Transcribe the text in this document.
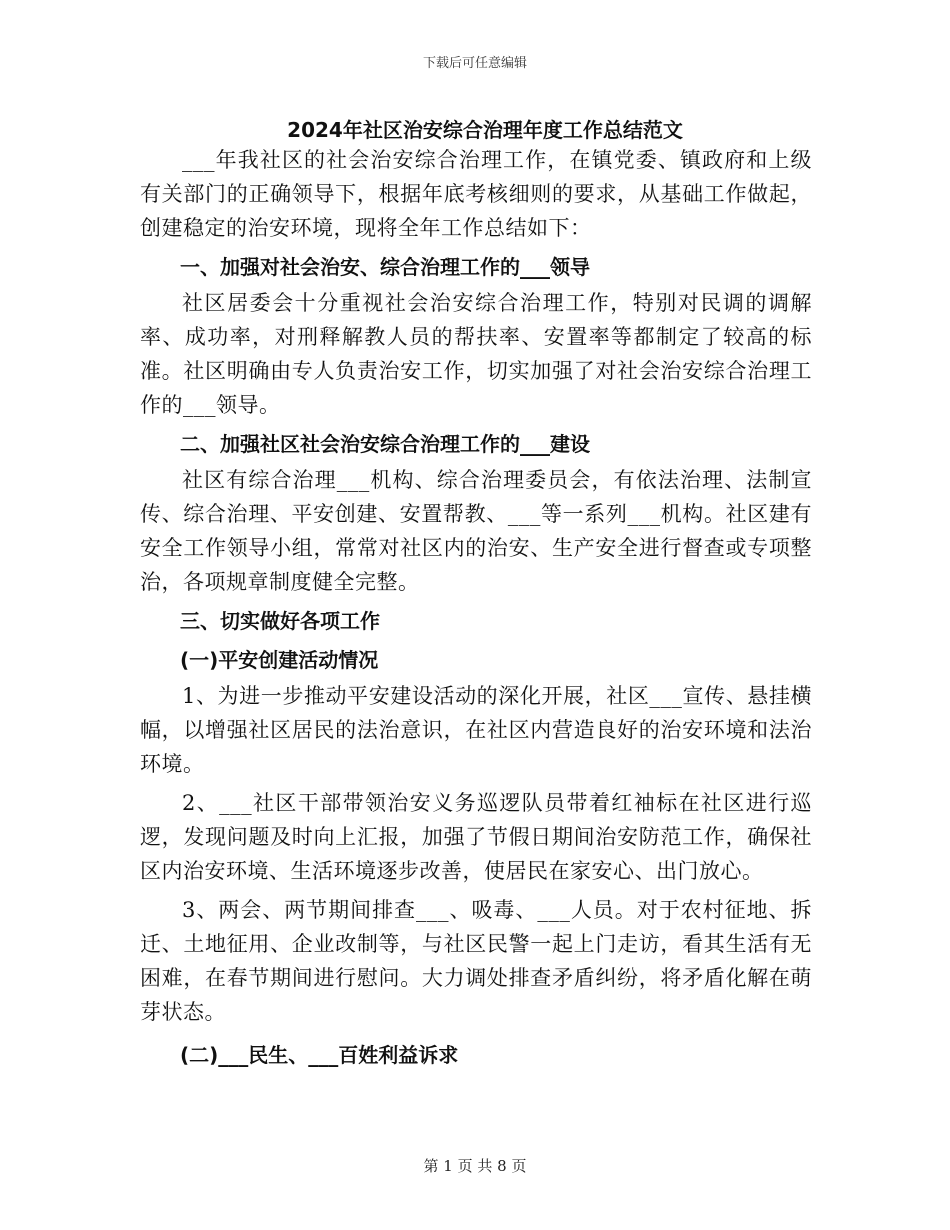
下载后可任意编辑
2024年社区治安综合治理年度工作总结范文

___年我社区的社会治安综合治理工作，在镇党委、镇政府和上级有关部门的正确领导下，根据年底考核细则的要求，从基础工作做起，创建稳定的治安环境，现将全年工作总结如下：

一、加强对社会治安、综合治理工作的___领导

社区居委会十分重视社会治安综合治理工作，特别对民调的调解率、成功率，对刑释解教人员的帮扶率、安置率等都制定了较高的标准。社区明确由专人负责治安工作，切实加强了对社会治安综合治理工作的___领导。

二、加强社区社会治安综合治理工作的___建设

社区有综合治理___机构、综合治理委员会，有依法治理、法制宣传、综合治理、平安创建、安置帮教、___等一系列___机构。社区建有安全工作领导小组，常常对社区内的治安、生产安全进行督查或专项整治，各项规章制度健全完整。

三、切实做好各项工作

(一)平安创建活动情况

1、为进一步推动平安建设活动的深化开展，社区___宣传、悬挂横幅，以增强社区居民的法治意识，在社区内营造良好的治安环境和法治环境。

2、___社区干部带领治安义务巡逻队员带着红袖标在社区进行巡逻，发现问题及时向上汇报，加强了节假日期间治安防范工作，确保社区内治安环境、生活环境逐步改善，使居民在家安心、出门放心。

3、两会、两节期间排查___、吸毒、___人员。对于农村征地、拆迁、土地征用、企业改制等，与社区民警一起上门走访，看其生活有无困难，在春节期间进行慰问。大力调处排查矛盾纠纷，将矛盾化解在萌芽状态。

(二)___民生、___百姓利益诉求

第 1 页 共 8 页
